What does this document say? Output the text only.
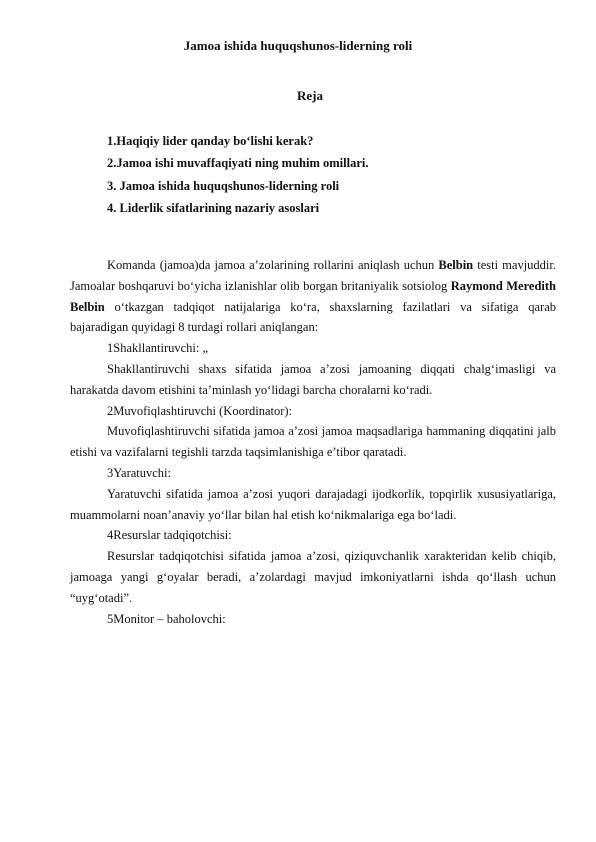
Jamoa ishida huquqshunos-liderning roli
Reja
1.Haqiqiy lider qanday bo‘lishi kerak?
2.Jamoa ishi muvaffaqiyati ning muhim omillari.
3. Jamoa ishida huquqshunos-liderning roli
4. Liderlik sifatlarining nazariy asoslari

Komanda (jamoa)da jamoa a’zolarining rollarini aniqlash uchun Belbin testi mavjuddir. Jamoalar boshqaruvi bo‘yicha izlanishlar olib borgan britaniyalik sotsiolog Raymond Meredith Belbin o‘tkazgan tadqiqot natijalariga ko‘ra, shaxslarning fazilatlari va sifatiga qarab bajaradigan quyidagi 8 turdagi rollari aniqlangan:

1Shakllantiruvchi: „

Shakllantiruvchi shaxs sifatida jamoa a’zosi jamoaning diqqati chalg‘imasligi va harakatda davom etishini ta’minlash yo‘lidagi barcha choralarni ko‘radi.

2Muvofiqlashtiruvchi (Koordinator):

Muvofiqlashtiruvchi sifatida jamoa a’zosi jamoa maqsadlariga hammaning diqqatini jalb etishi va vazifalarni tegishli tarzda taqsimlanishiga e’tibor qaratadi.

3Yaratuvchi:

Yaratuvchi sifatida jamoa a’zosi yuqori darajadagi ijodkorlik, topqirlik xususiyatlariga, muammolarni noan’anaviy yo‘llar bilan hal etish ko‘nikmalariga ega bo‘ladi.

4Resurslar tadqiqotchisi:

Resurslar tadqiqotchisi sifatida jamoa a’zosi, qiziquvchanlik xarakteridan kelib chiqib, jamoaga yangi g‘oyalar beradi, a’zolardagi mavjud imkoniyatlarni ishda qo‘llash uchun “uyg‘otadi”.

5Monitor – baholovchi:
